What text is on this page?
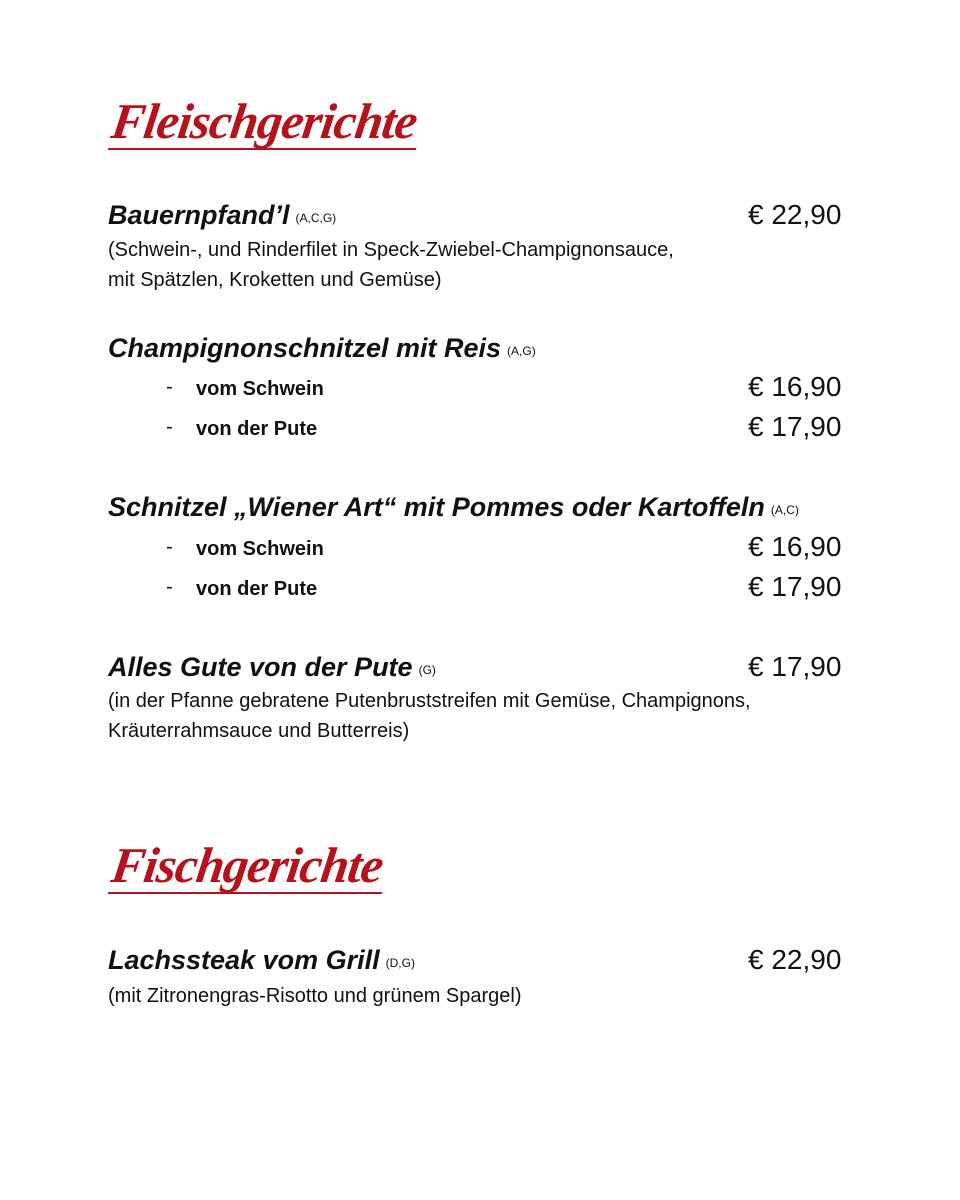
Fleischgerichte
Bauernpfand’l (A,C,G)	€ 22,90
(Schwein-, und Rinderfilet in Speck-Zwiebel-Champignonsauce, mit Spätzlen, Kroketten und Gemüse)
Champignonschnitzel mit Reis (A,G)
- vom Schwein	€ 16,90
- von der Pute	€ 17,90
Schnitzel „Wiener Art“ mit Pommes oder Kartoffeln (A,C)
- vom Schwein	€ 16,90
- von der Pute	€ 17,90
Alles Gute von der Pute (G)	€ 17,90
(in der Pfanne gebratene Putenbruststreifen mit Gemüse, Champignons, Kräuterrahmsauce und Butterreis)
Fischgerichte
Lachssteak vom Grill (D,G)	€ 22,90
(mit Zitronengras-Risotto und grünem Spargel)
